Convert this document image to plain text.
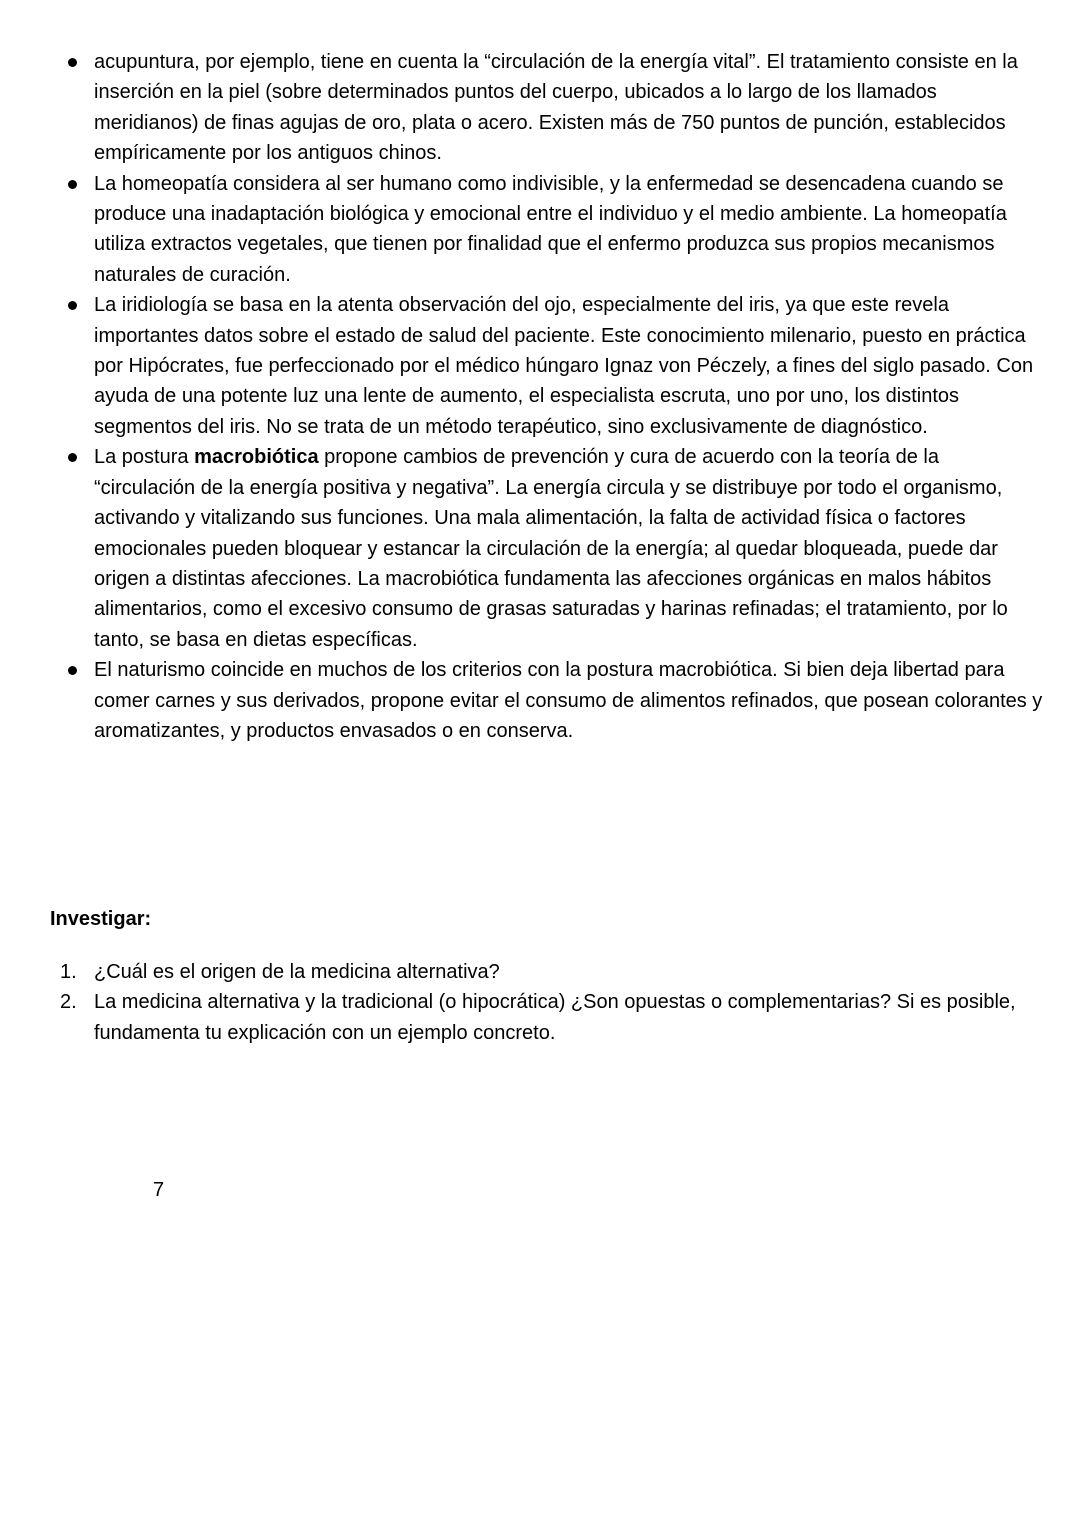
acupuntura, por ejemplo, tiene en cuenta la “circulación de la energía vital”. El tratamiento consiste en la inserción en la piel (sobre determinados puntos del cuerpo, ubicados a lo largo de los llamados meridianos) de finas agujas de oro, plata o acero. Existen más de 750 puntos de punción, establecidos empíricamente por los antiguos chinos.
La homeopatía considera al ser humano como indivisible, y la enfermedad se desencadena cuando se produce una inadaptación biológica y emocional entre el individuo y el medio ambiente. La homeopatía utiliza extractos vegetales, que tienen por finalidad que el enfermo produzca sus propios mecanismos naturales de curación.
La iridiología se basa en la atenta observación del ojo, especialmente del iris, ya que este revela importantes datos sobre el estado de salud del paciente. Este conocimiento milenario, puesto en práctica por Hipócrates, fue perfeccionado por el médico húngaro Ignaz von Péczely, a fines del siglo pasado. Con ayuda de una potente luz una lente de aumento, el especialista escruta, uno por uno, los distintos segmentos del iris. No se trata de un método terapéutico, sino exclusivamente de diagnóstico.
La postura macrobiótica propone cambios de prevención y cura de acuerdo con la teoría de la “circulación de la energía positiva y negativa”. La energía circula y se distribuye por todo el organismo, activando y vitalizando sus funciones. Una mala alimentación, la falta de actividad física o factores emocionales pueden bloquear y estancar la circulación de la energía; al quedar bloqueada, puede dar origen a distintas afecciones. La macrobiótica fundamenta las afecciones orgánicas en malos hábitos alimentarios, como el excesivo consumo de grasas saturadas y harinas refinadas; el tratamiento, por lo tanto, se basa en dietas específicas.
El naturismo coincide en muchos de los criterios con la postura macrobiótica. Si bien deja libertad para comer carnes y sus derivados, propone evitar el consumo de alimentos refinados, que posean colorantes y aromatizantes, y productos envasados o en conserva.
Investigar:
1. ¿Cuál es el origen de la medicina alternativa?
2. La medicina alternativa y la tradicional (o hipocrática) ¿Son opuestas o complementarias? Si es posible, fundamenta tu explicación con un ejemplo concreto.

7
